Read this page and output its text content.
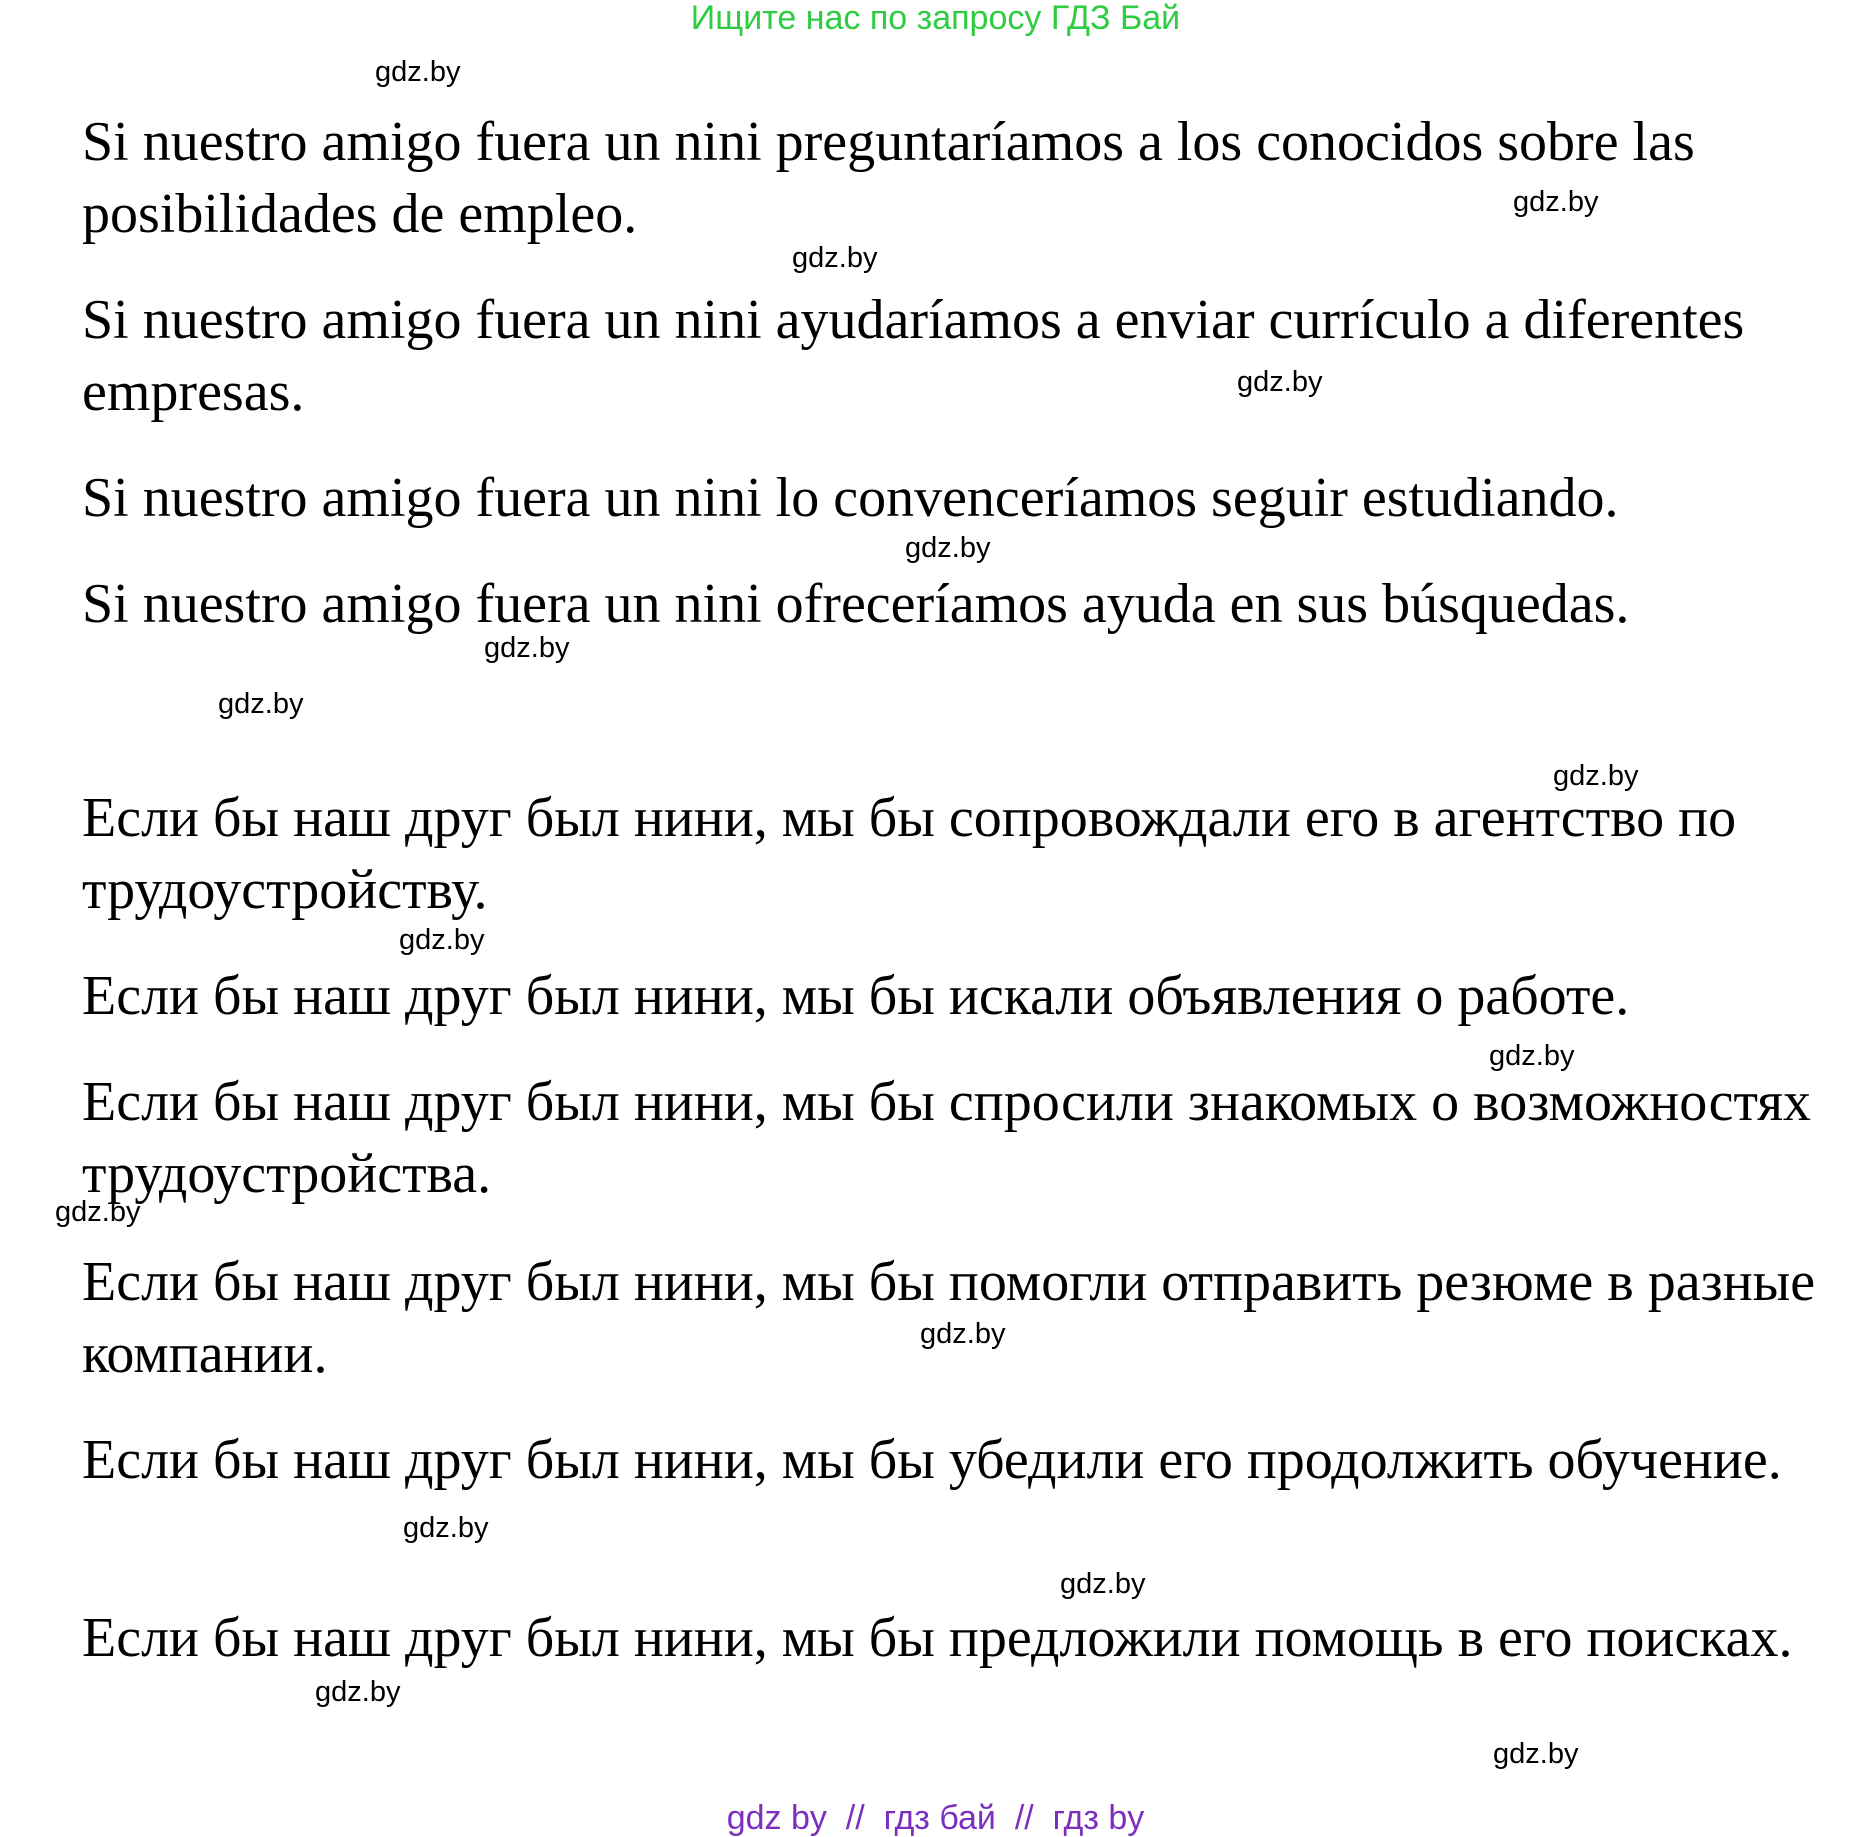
Ищите нас по запросу ГДЗ Бай

Si nuestro amigo fuera un nini preguntaríamos a los conocidos sobre las posibilidades de empleo.

Si nuestro amigo fuera un nini ayudaríamos a enviar currículo a diferentes empresas.

Si nuestro amigo fuera un nini lo convenceríamos seguir estudiando.

Si nuestro amigo fuera un nini ofreceríamos ayuda en sus búsquedas.

Если бы наш друг был нини, мы бы сопровождали его в агентство по трудоустройству.

Если бы наш друг был нини, мы бы искали объявления о работе.

Если бы наш друг был нини, мы бы спросили знакомых о возможностях трудоустройства.

Если бы наш друг был нини, мы бы помогли отправить резюме в разные компании.

Если бы наш друг был нини, мы бы убедили его продолжить обучение.

Если бы наш друг был нини, мы бы предложили помощь в его поисках.

gdz.by
gdz.by
gdz.by
gdz.by
gdz.by
gdz.by
gdz.by
gdz.by
gdz.by
gdz.by
gdz.by
gdz.by
gdz.by
gdz.by
gdz.by
gdz.by
gdz by  //  гдз бай  //  гдз by
